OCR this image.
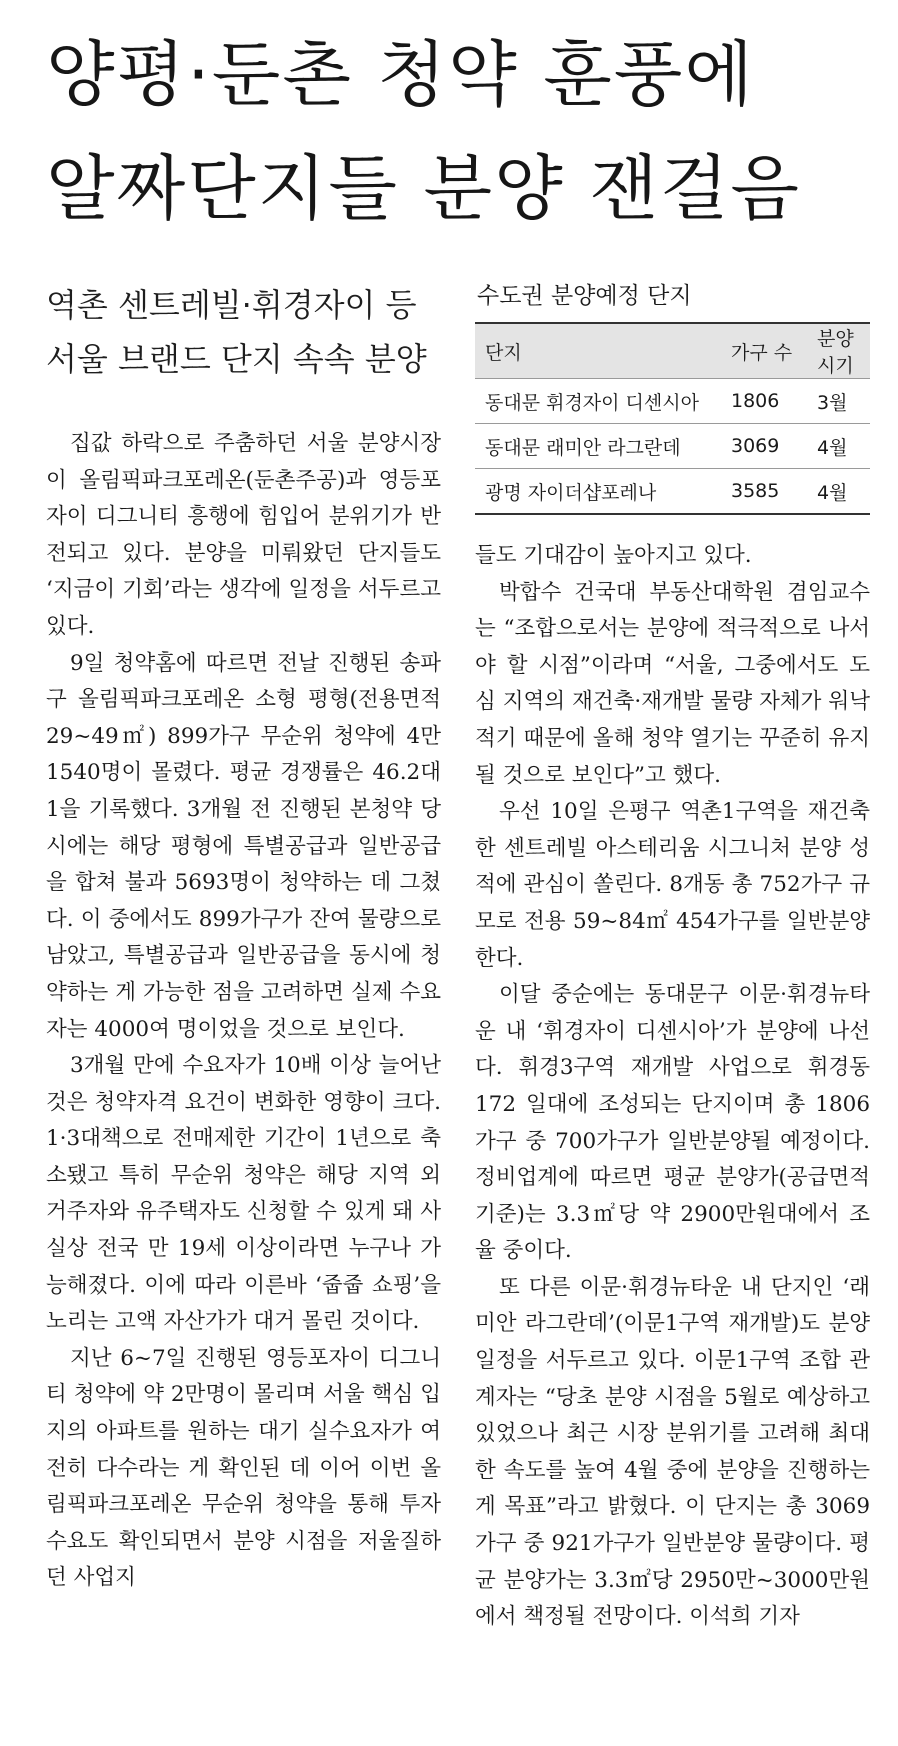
양평·둔촌 청약 훈풍에
알짜단지들 분양 잰걸음
역촌 센트레빌·휘경자이 등
서울 브랜드 단지 속속 분양
수도권 분양예정 단지
단지	가구 수	분양시기
동대문 휘경자이 디센시아	1806	3월
동대문 래미안 라그란데	3069	4월
광명 자이더샵포레나	3585	4월

집값 하락으로 주춤하던 서울 분양시장이 올림픽파크포레온(둔촌주공)과 영등포자이 디그니티 흥행에 힘입어 분위기가 반전되고 있다. 분양을 미뤄왔던 단지들도 ‘지금이 기회’라는 생각에 일정을 서두르고 있다.

9일 청약홈에 따르면 전날 진행된 송파구 올림픽파크포레온 소형 평형(전용면적 29~49㎡) 899가구 무순위 청약에 4만1540명이 몰렸다. 평균 경쟁률은 46.2대1을 기록했다. 3개월 전 진행된 본청약 당시에는 해당 평형에 특별공급과 일반공급을 합쳐 불과 5693명이 청약하는 데 그쳤다. 이 중에서도 899가구가 잔여 물량으로 남았고, 특별공급과 일반공급을 동시에 청약하는 게 가능한 점을 고려하면 실제 수요자는 4000여 명이었을 것으로 보인다.

3개월 만에 수요자가 10배 이상 늘어난 것은 청약자격 요건이 변화한 영향이 크다. 1·3대책으로 전매제한 기간이 1년으로 축소됐고 특히 무순위 청약은 해당 지역 외 거주자와 유주택자도 신청할 수 있게 돼 사실상 전국 만 19세 이상이라면 누구나 가능해졌다. 이에 따라 이른바 ‘줍줍 쇼핑’을 노리는 고액 자산가가 대거 몰린 것이다.

지난 6~7일 진행된 영등포자이 디그니티 청약에 약 2만명이 몰리며 서울 핵심 입지의 아파트를 원하는 대기 실수요자가 여전히 다수라는 게 확인된 데 이어 이번 올림픽파크포레온 무순위 청약을 통해 투자 수요도 확인되면서 분양 시점을 저울질하던 사업지

들도 기대감이 높아지고 있다.

박합수 건국대 부동산대학원 겸임교수는 “조합으로서는 분양에 적극적으로 나서야 할 시점”이라며 “서울, 그중에서도 도심 지역의 재건축·재개발 물량 자체가 워낙 적기 때문에 올해 청약 열기는 꾸준히 유지될 것으로 보인다”고 했다.

우선 10일 은평구 역촌1구역을 재건축한 센트레빌 아스테리움 시그니처 분양 성적에 관심이 쏠린다. 8개동 총 752가구 규모로 전용 59~84㎡ 454가구를 일반분양한다.

이달 중순에는 동대문구 이문·휘경뉴타운 내 ‘휘경자이 디센시아’가 분양에 나선다. 휘경3구역 재개발 사업으로 휘경동 172 일대에 조성되는 단지이며 총 1806가구 중 700가구가 일반분양될 예정이다. 정비업계에 따르면 평균 분양가(공급면적 기준)는 3.3㎡당 약 2900만원대에서 조율 중이다.

또 다른 이문·휘경뉴타운 내 단지인 ‘래미안 라그란데’(이문1구역 재개발)도 분양 일정을 서두르고 있다. 이문1구역 조합 관계자는 “당초 분양 시점을 5월로 예상하고 있었으나 최근 시장 분위기를 고려해 최대한 속도를 높여 4월 중에 분양을 진행하는 게 목표”라고 밝혔다. 이 단지는 총 3069가구 중 921가구가 일반분양 물량이다. 평균 분양가는 3.3㎡당 2950만~3000만원에서 책정될 전망이다. 이석희 기자
